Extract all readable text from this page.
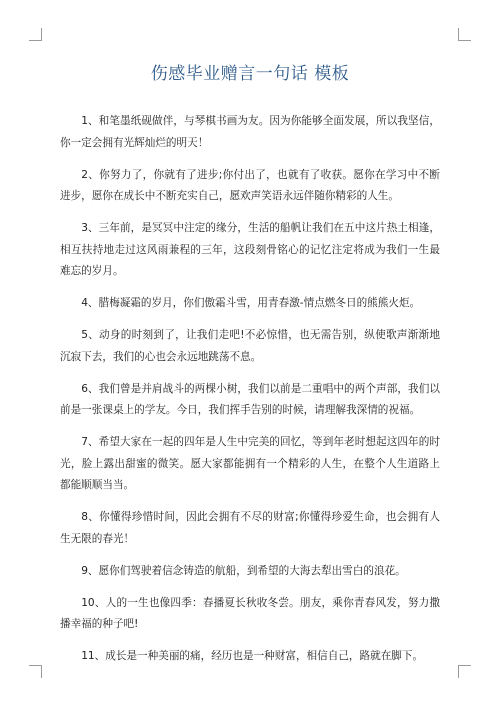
伤感毕业赠言一句话 模板

1、和笔墨纸砚做伴，与琴棋书画为友。因为你能够全面发展，所以我坚信，你一定会拥有光辉灿烂的明天！

2、你努力了，你就有了进步;你付出了，也就有了收获。愿你在学习中不断进步，愿你在成长中不断充实自己，愿欢声笑语永远伴随你精彩的人生。

3、三年前，是冥冥中注定的缘分，生活的船帆让我们在五中这片热土相逢，相互扶持地走过这风雨兼程的三年，这段刻骨铭心的记忆注定将成为我们一生最难忘的岁月。

4、腊梅凝霜的岁月，你们傲霜斗雪，用青春激-情点燃冬日的熊熊火炬。

5、动身的时刻到了，让我们走吧!不必惊惜，也无需告别，纵使歌声渐渐地沉寂下去，我们的心也会永远地跳荡不息。

6、我们曾是并肩战斗的两棵小树，我们以前是二重唱中的两个声部，我们以前是一张课桌上的学友。今日，我们挥手告别的时候，请理解我深情的祝福。

7、希望大家在一起的四年是人生中完美的回忆，等到年老时想起这四年的时光，脸上露出甜蜜的微笑。愿大家都能拥有一个精彩的人生，在整个人生道路上都能顺顺当当。

8、你懂得珍惜时间，因此会拥有不尽的财富;你懂得珍爱生命，也会拥有人生无限的春光！

9、愿你们驾驶着信念铸造的航船，到希望的大海去犁出雪白的浪花。

10、人的一生也像四季：春播夏长秋收冬尝。朋友，乘你青春风发，努力撒播幸福的种子吧!

11、成长是一种美丽的痛，经历也是一种财富，相信自己，路就在脚下。
